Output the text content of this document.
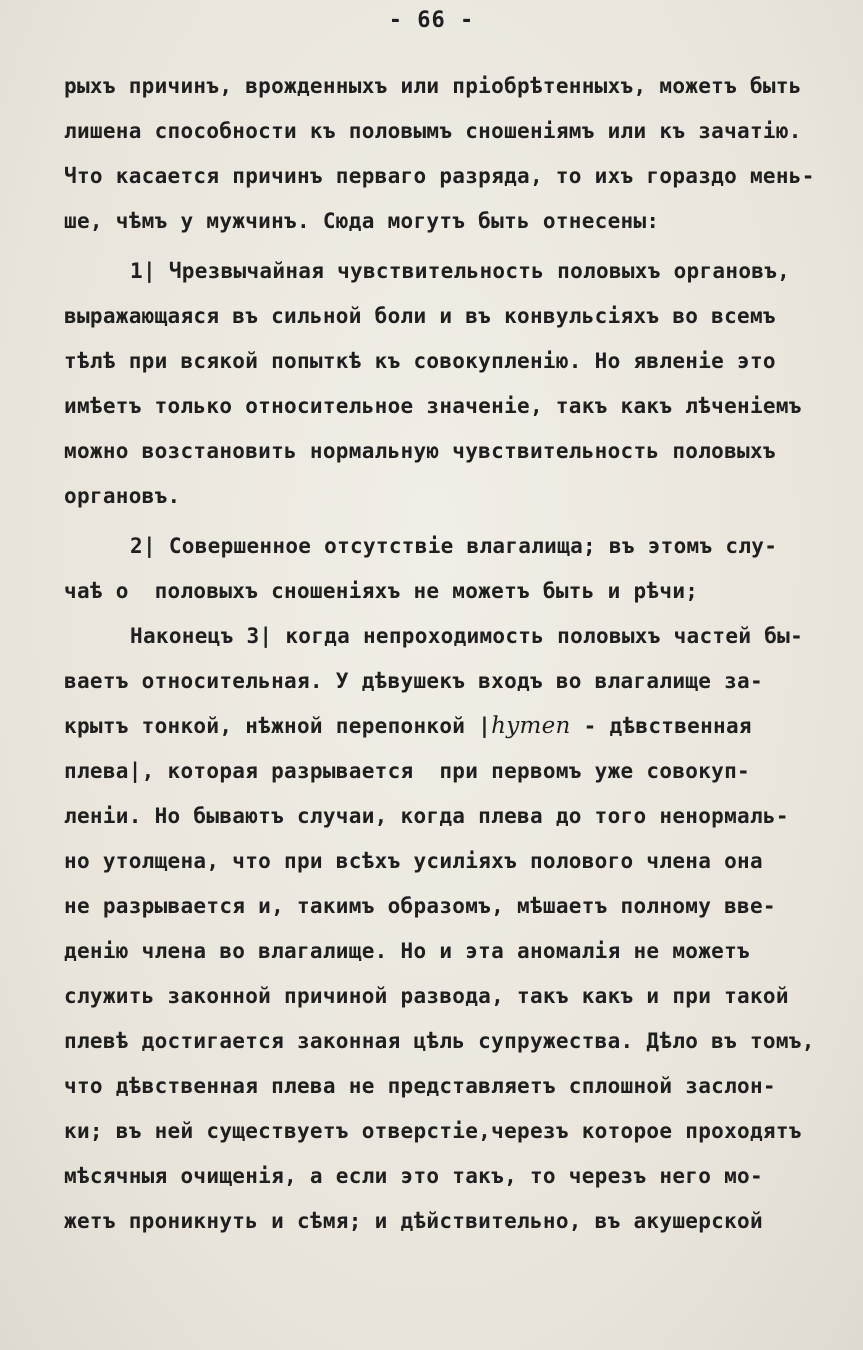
- 66 -
рыхъ причинъ, врожденныхъ или пріобрѣтенныхъ, можетъ быть
лишена способности къ половымъ сношеніямъ или къ зачатію.
Что касается причинъ перваго разряда, то ихъ гораздо мень-
ше, чѣмъ у мужчинъ. Сюда могутъ быть отнесены:
1| Чрезвычайная чувствительность половыхъ органовъ,
выражающаяся въ сильной боли и въ конвульсіяхъ во всемъ
тѣлѣ при всякой попыткѣ къ совокупленію. Но явленіе это
имѣетъ только относительное значеніе, такъ какъ лѣченіемъ
можно возстановить нормальную чувствительность половыхъ
органовъ.
2| Совершенное отсутствіе влагалища; въ этомъ слу-
чаѣ о  половыхъ сношеніяхъ не можетъ быть и рѣчи;
Наконецъ 3| когда непроходимость половыхъ частей бы-
ваетъ относительная. У дѣвушекъ входъ во влагалище за-
крытъ тонкой, нѣжной перепонкой |hymen - дѣвственная
плева|, которая разрывается  при первомъ уже совокуп-
леніи. Но бываютъ случаи, когда плева до того ненормаль-
но утолщена, что при всѣхъ усиліяхъ полового члена она
не разрывается и, такимъ образомъ, мѣшаетъ полному вве-
денію члена во влагалище. Но и эта аномалія не можетъ
служить законной причиной развода, такъ какъ и при такой
плевѣ достигается законная цѣль супружества. Дѣло въ томъ,
что дѣвственная плева не представляетъ сплошной заслон-
ки; въ ней существуетъ отверстіе,черезъ которое проходятъ
мѣсячныя очищенія, а если это такъ, то черезъ него мо-
жетъ проникнуть и сѣмя; и дѣйствительно, въ акушерской
